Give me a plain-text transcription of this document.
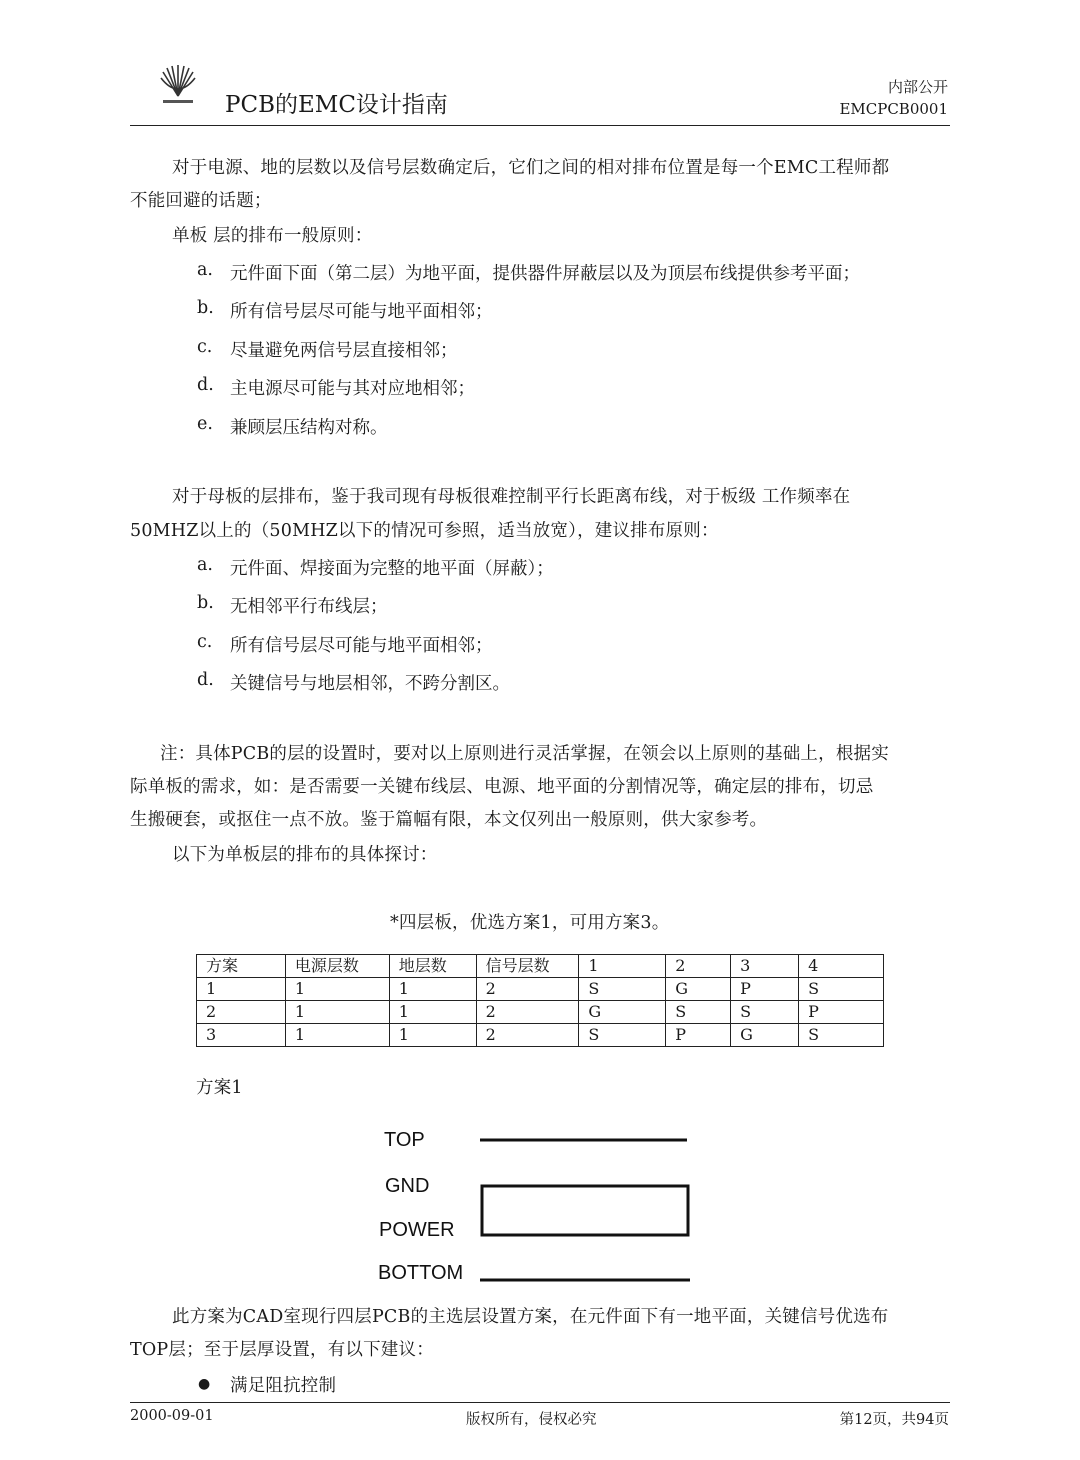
PCB的EMC设计指南
内部公开
EMCPCB0001
对于电源、地的层数以及信号层数确定后，它们之间的相对排布位置是每一个EMC工程师都
不能回避的话题；
单板 层的排布一般原则：
a. 元件面下面（第二层）为地平面，提供器件屏蔽层以及为顶层布线提供参考平面；
b. 所有信号层尽可能与地平面相邻；
c. 尽量避免两信号层直接相邻；
d. 主电源尽可能与其对应地相邻；
e. 兼顾层压结构对称。
对于母板的层排布，鉴于我司现有母板很难控制平行长距离布线，对于板级 工作频率在
50MHZ以上的（50MHZ以下的情况可参照，适当放宽），建议排布原则：
a. 元件面、焊接面为完整的地平面（屏蔽）；
b. 无相邻平行布线层；
c. 所有信号层尽可能与地平面相邻；
d. 关键信号与地层相邻，不跨分割区。
注：具体PCB的层的设置时，要对以上原则进行灵活掌握，在领会以上原则的基础上，根据实
际单板的需求，如：是否需要一关键布线层、电源、地平面的分割情况等，确定层的排布，切忌
生搬硬套，或抠住一点不放。鉴于篇幅有限，本文仅列出一般原则，供大家参考。
以下为单板层的排布的具体探讨：
*四层板，优选方案1，可用方案3。
方案	电源层数	地层数	信号层数	1	2	3	4
1	1	1	2	S	G	P	S
2	1	1	2	G	S	S	P
3	1	1	2	S	P	G	S
方案1
TOP
GND
POWER
BOTTOM
此方案为CAD室现行四层PCB的主选层设置方案，在元件面下有一地平面，关键信号优选布
TOP层；至于层厚设置，有以下建议：
● 满足阻抗控制
2000-09-01	版权所有，侵权必究	第12页，共94页
